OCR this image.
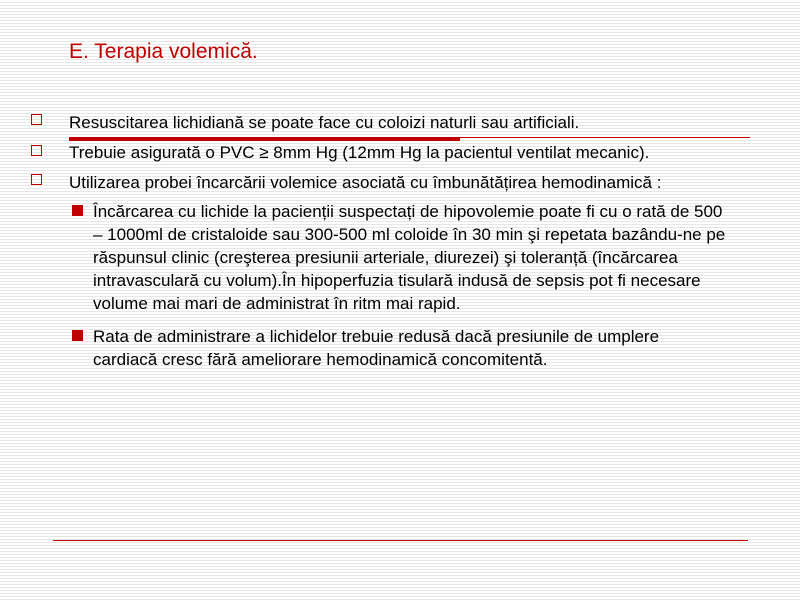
E. Terapia volemică.
Resuscitarea lichidiană se poate face cu coloizi naturli sau artificiali.
Trebuie asigurată o PVC ≥ 8mm Hg (12mm Hg la pacientul ventilat mecanic).
Utilizarea probei încarcării volemice asociată cu îmbunătățirea hemodinamică :
Încărcarea cu lichide la pacienții suspectați de hipovolemie poate fi cu o rată de 500
– 1000ml de cristaloide sau 300-500 ml coloide în 30 min şi repetata bazându-ne pe
răspunsul clinic (creşterea presiunii arteriale, diurezei) şi toleranță (încărcarea
intravasculară cu volum).În hipoperfuzia tisulară indusă de sepsis pot fi necesare
volume mai mari de administrat în ritm mai rapid.
Rata de administrare a lichidelor trebuie redusă dacă presiunile de umplere
cardiacă cresc fără ameliorare hemodinamică concomitentă.
